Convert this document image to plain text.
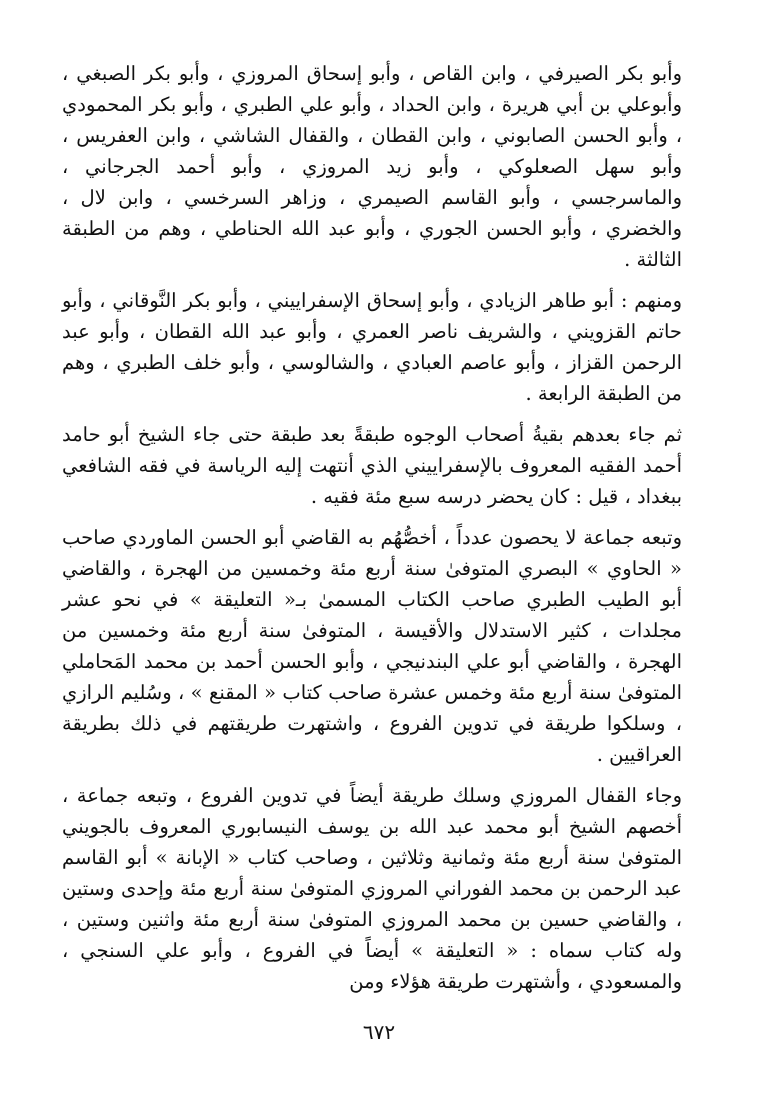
وأبو بكر الصيرفي ، وابن القاص ، وأبو إسحاق المروزي ، وأبو بكر الصبغي ، وأبوعلي بن أبي هريرة ، وابن الحداد ، وأبو علي الطبري ، وأبو بكر المحمودي ، وأبو الحسن الصابوني ، وابن القطان ، والقفال الشاشي ، وابن العفريس ، وأبو سهل الصعلوكي ، وأبو زيد المروزي ، وأبو أحمد الجرجاني ، والماسرجسي ، وأبو القاسم الصيمري ، وزاهر السرخسي ، وابن لال ، والخضري ، وأبو الحسن الجوري ، وأبو عبد الله الحناطي ، وهم من الطبقة الثالثة .

ومنهم : أبو طاهر الزيادي ، وأبو إسحاق الإسفراييني ، وأبو بكر النَّوقاني ، وأبو حاتم القزويني ، والشريف ناصر العمري ، وأبو عبد الله القطان ، وأبو عبد الرحمن القزاز ، وأبو عاصم العبادي ، والشالوسي ، وأبو خلف الطبري ، وهم من الطبقة الرابعة .

ثم جاء بعدهم بقيةُ أصحاب الوجوه طبقةً بعد طبقة حتى جاء الشيخ أبو حامد أحمد الفقيه المعروف بالإسفراييني الذي أنتهت إليه الرياسة في فقه الشافعي ببغداد ، قيل : كان يحضر درسه سبع مئة فقيه .

وتبعه جماعة لا يحصون عدداً ، أخصُّهُم به القاضي أبو الحسن الماوردي صاحب « الحاوي » البصري المتوفىٰ سنة أربع مئة وخمسين من الهجرة ، والقاضي أبو الطيب الطبري صاحب الكتاب المسمىٰ بـ« التعليقة » في نحو عشر مجلدات ، كثير الاستدلال والأقيسة ، المتوفىٰ سنة أربع مئة وخمسين من الهجرة ، والقاضي أبو علي البندنيجي ، وأبو الحسن أحمد بن محمد المَحاملي المتوفىٰ سنة أربع مئة وخمس عشرة صاحب كتاب « المقنع » ، وسُليم الرازي ، وسلكوا طريقة في تدوين الفروع ، واشتهرت طريقتهم في ذلك بطريقة العراقيين .

وجاء القفال المروزي وسلك طريقة أيضاً في تدوين الفروع ، وتبعه جماعة ، أخصهم الشيخ أبو محمد عبد الله بن يوسف النيسابوري المعروف بالجويني المتوفىٰ سنة أربع مئة وثمانية وثلاثين ، وصاحب كتاب « الإبانة » أبو القاسم عبد الرحمن بن محمد الفوراني المروزي المتوفىٰ سنة أربع مئة وإحدى وستين ، والقاضي حسين بن محمد المروزي المتوفىٰ سنة أربع مئة واثنين وستين ، وله كتاب سماه : « التعليقة » أيضاً في الفروع ، وأبو علي السنجي ، والمسعودي ، وأشتهرت طريقة هؤلاء ومن

٦٧٢
